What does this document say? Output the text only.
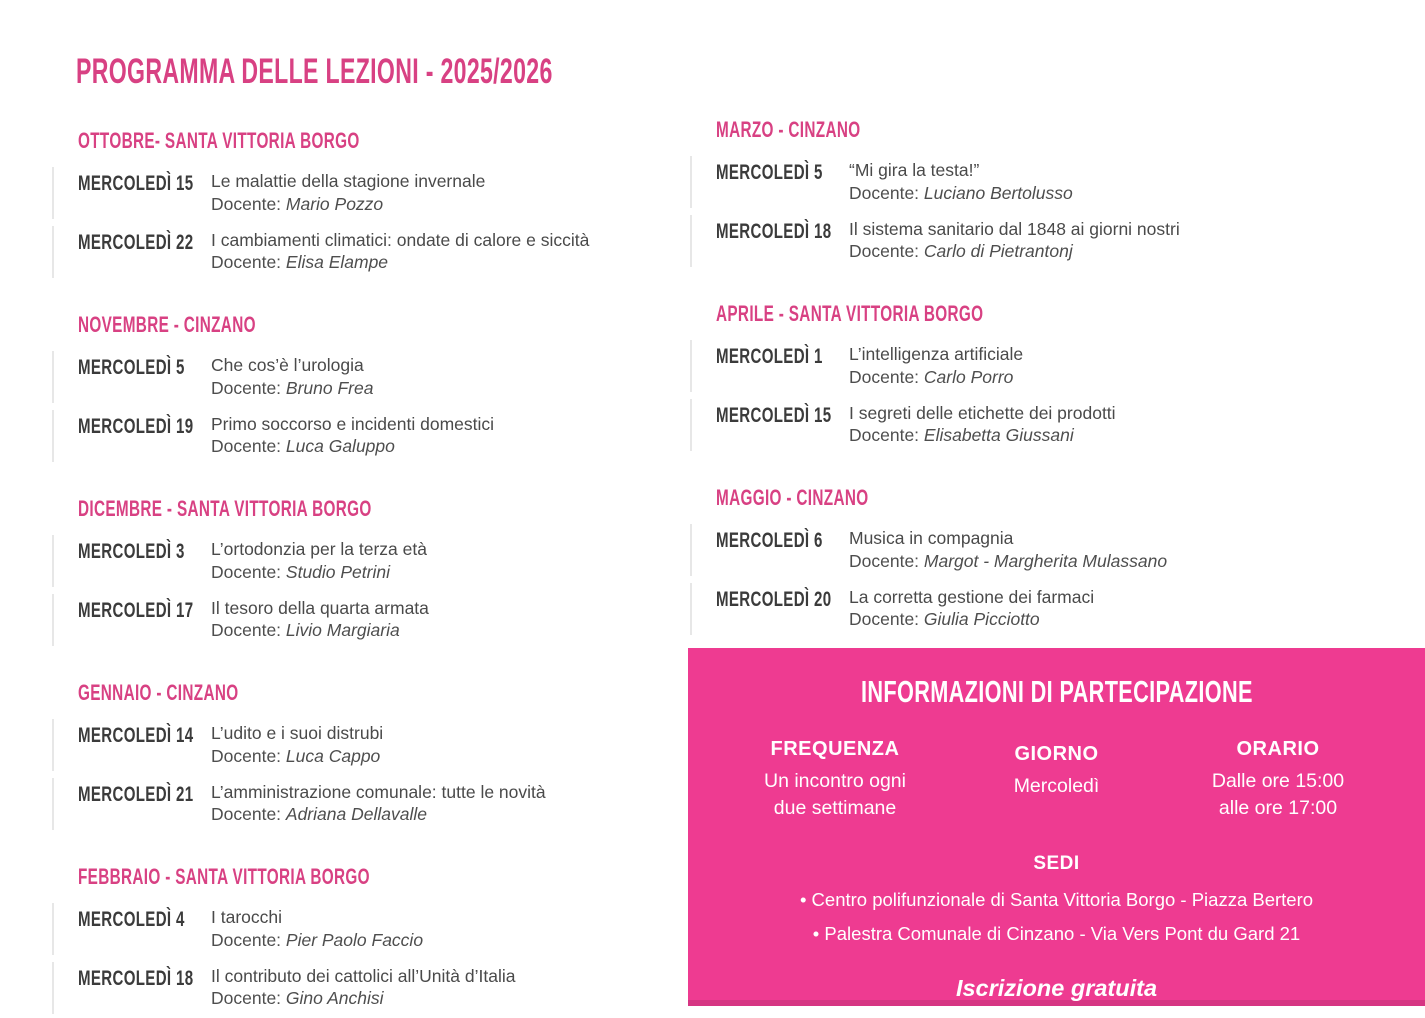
PROGRAMMA DELLE LEZIONI - 2025/2026
OTTOBRE- SANTA VITTORIA BORGO
MERCOLEDÌ 15	Le malattie della stagione invernale
Docente: Mario Pozzo
MERCOLEDÌ 22	I cambiamenti climatici: ondate di calore e siccità
Docente: Elisa Elampe
NOVEMBRE - CINZANO
MERCOLEDÌ 5	Che cos’è l’urologia
Docente: Bruno Frea
MERCOLEDÌ 19	Primo soccorso e incidenti domestici
Docente: Luca Galuppo
DICEMBRE - SANTA VITTORIA BORGO
MERCOLEDÌ 3	L’ortodonzia per la terza età
Docente: Studio Petrini
MERCOLEDÌ 17	Il tesoro della quarta armata
Docente: Livio Margiaria
GENNAIO - CINZANO
MERCOLEDÌ 14	L’udito e i suoi distrubi
Docente: Luca Cappo
MERCOLEDÌ 21	L’amministrazione comunale: tutte le novità
Docente: Adriana Dellavalle
FEBBRAIO - SANTA VITTORIA BORGO
MERCOLEDÌ 4	I tarocchi
Docente: Pier Paolo Faccio
MERCOLEDÌ 18	Il contributo dei cattolici all’Unità d’Italia
Docente: Gino Anchisi
MARZO - CINZANO
MERCOLEDÌ 5	“Mi gira la testa!”
Docente: Luciano Bertolusso
MERCOLEDÌ 18	Il sistema sanitario dal 1848 ai giorni nostri
Docente: Carlo di Pietrantonj
APRILE - SANTA VITTORIA BORGO
MERCOLEDÌ 1	L’intelligenza artificiale
Docente: Carlo Porro
MERCOLEDÌ 15	I segreti delle etichette dei prodotti
Docente: Elisabetta Giussani
MAGGIO - CINZANO
MERCOLEDÌ 6	Musica in compagnia
Docente: Margot - Margherita Mulassano
MERCOLEDÌ 20	La corretta gestione dei farmaci
Docente: Giulia Picciotto
INFORMAZIONI DI PARTECIPAZIONE
FREQUENZA
Un incontro ogni
due settimane
GIORNO
Mercoledì
ORARIO
Dalle ore 15:00
alle ore 17:00
SEDI
• Centro polifunzionale di Santa Vittoria Borgo - Piazza Bertero
• Palestra Comunale di Cinzano - Via Vers Pont du Gard 21
Iscrizione gratuita
